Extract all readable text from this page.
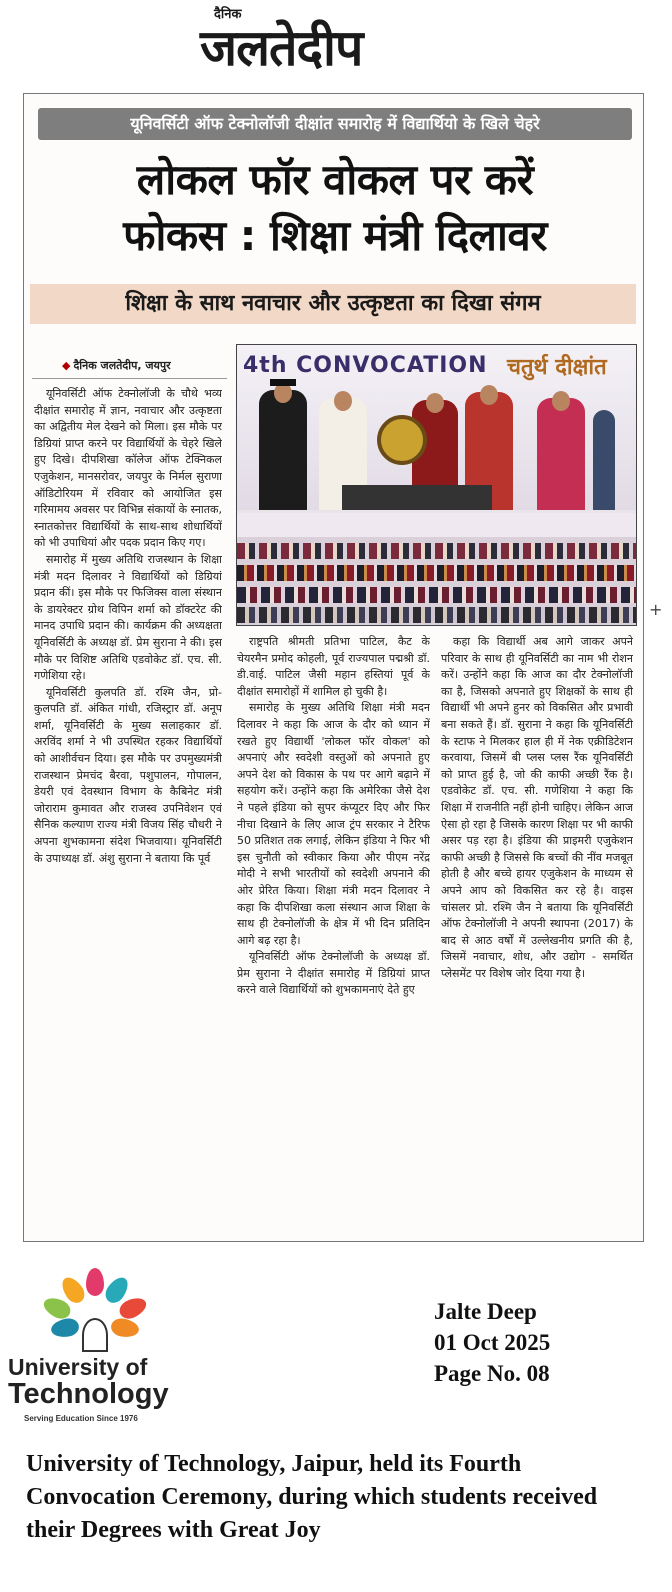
दैनिक
जलतेदीप
यूनिवर्सिटी ऑफ टेक्नोलॉजी दीक्षांत समारोह में विद्यार्थियो के खिले चेहरे
लोकल फॉर वोकल पर करें
फोकस : शिक्षा मंत्री दिलावर
शिक्षा के साथ नवाचार और उत्कृष्टता का दिखा संगम
◆ दैनिक जलतेदीप, जयपुर	4th CONVOCATION चतुर्थ दीक्षांत

यूनिवर्सिटी ऑफ टेक्नोलॉजी के चौथे भव्य दीक्षांत समारोह में ज्ञान, नवाचार और उत्कृष्टता का अद्वितीय मेल देखने को मिला। इस मौके पर डिग्रियां प्राप्त करने पर विद्यार्थियों के चेहरे खिले हुए दिखे। दीपशिखा कॉलेज ऑफ टेक्निकल एजुकेशन, मानसरोवर, जयपुर के निर्मल सुराणा ऑडिटोरियम में रविवार को आयोजित इस गरिमामय अवसर पर विभिन्न संकायों के स्नातक, स्नातकोत्तर विद्यार्थियों के साथ-साथ शोधार्थियों को भी उपाधियां और पदक प्रदान किए गए।

समारोह में मुख्य अतिथि राजस्थान के शिक्षा मंत्री मदन दिलावर ने विद्यार्थियों को डिग्रियां प्रदान कीं। इस मौके पर फिजिक्स वाला संस्थान के डायरेक्टर ग्रोथ विपिन शर्मा को डॉक्टरेट की मानद उपाधि प्रदान की। कार्यक्रम की अध्यक्षता यूनिवर्सिटी के अध्यक्ष डॉ. प्रेम सुराना ने की। इस मौके पर विशिष्ट अतिथि एडवोकेट डॉ. एच. सी. गणेशिया रहे।

यूनिवर्सिटी कुलपति डॉ. रश्मि जैन, प्रो-कुलपति डॉ. अंकित गांधी, रजिस्ट्रार डॉ. अनूप शर्मा, यूनिवर्सिटी के मुख्य सलाहकार डॉ. अरविंद शर्मा ने भी उपस्थित रहकर विद्यार्थियों को आशीर्वचन दिया। इस मौके पर उपमुख्यमंत्री राजस्थान प्रेमचंद बैरवा, पशुपालन, गोपालन, डेयरी एवं देवस्थान विभाग के कैबिनेट मंत्री जोराराम कुमावत और राजस्व उपनिवेशन एवं सैनिक कल्याण राज्य मंत्री विजय सिंह चौधरी ने अपना शुभकामना संदेश भिजवाया। यूनिवर्सिटी के उपाध्यक्ष डॉ. अंशु सुराना ने बताया कि पूर्व

राष्ट्रपति श्रीमती प्रतिभा पाटिल, कैट के चेयरमैन प्रमोद कोहली, पूर्व राज्यपाल पद्मश्री डॉ. डी.वाई. पाटिल जैसी महान हस्तियां पूर्व के दीक्षांत समारोहों में शामिल हो चुकी है।

समारोह के मुख्य अतिथि शिक्षा मंत्री मदन दिलावर ने कहा कि आज के दौर को ध्यान में रखते हुए विद्यार्थी 'लोकल फॉर वोकल' को अपनाएं और स्वदेशी वस्तुओं को अपनाते हुए अपने देश को विकास के पथ पर आगे बढ़ाने में सहयोग करें। उन्होंने कहा कि अमेरिका जैसे देश ने पहले इंडिया को सुपर कंप्यूटर दिए और फिर नीचा दिखाने के लिए आज ट्रंप सरकार ने टैरिफ 50 प्रतिशत तक लगाई, लेकिन इंडिया ने फिर भी इस चुनौती को स्वीकार किया और पीएम नरेंद्र मोदी ने सभी भारतीयों को स्वदेशी अपनाने की ओर प्रेरित किया। शिक्षा मंत्री मदन दिलावर ने कहा कि दीपशिखा कला संस्थान आज शिक्षा के साथ ही टेक्नोलॉजी के क्षेत्र में भी दिन प्रतिदिन आगे बढ़ रहा है।

यूनिवर्सिटी ऑफ टेक्नोलॉजी के अध्यक्ष डॉ. प्रेम सुराना ने दीक्षांत समारोह में डिग्रियां प्राप्त करने वाले विद्यार्थियों को शुभकामनाएं देते हुए

कहा कि विद्यार्थी अब आगे जाकर अपने परिवार के साथ ही यूनिवर्सिटी का नाम भी रोशन करें। उन्होंने कहा कि आज का दौर टेक्नोलॉजी का है, जिसको अपनाते हुए शिक्षकों के साथ ही विद्यार्थी भी अपने हुनर को विकसित और प्रभावी बना सकते हैं। डॉ. सुराना ने कहा कि यूनिवर्सिटी के स्टाफ ने मिलकर हाल ही में नेक एक्रीडिटेशन करवाया, जिसमें बी प्लस प्लस रैंक यूनिवर्सिटी को प्राप्त हुई है, जो की काफी अच्छी रैंक है। एडवोकेट डॉ. एच. सी. गणेशिया ने कहा कि शिक्षा में राजनीति नहीं होनी चाहिए। लेकिन आज ऐसा हो रहा है जिसके कारण शिक्षा पर भी काफी असर पड़ रहा है। इंडिया की प्राइमरी एजुकेशन काफी अच्छी है जिससे कि बच्चों की नींव मजबूत होती है और बच्चे हायर एजुकेशन के माध्यम से अपने आप को विकसित कर रहे है। वाइस चांसलर प्रो. रश्मि जैन ने बताया कि यूनिवर्सिटी ऑफ टेक्नोलॉजी ने अपनी स्थापना (2017) के बाद से आठ वर्षों में उल्लेखनीय प्रगति की है, जिसमें नवाचार, शोध, और उद्योग - समर्थित प्लेसमेंट पर विशेष जोर दिया गया है।

+
University of
Technology
Serving Education Since 1976
Jalte Deep
01 Oct 2025
Page No. 08
University of Technology, Jaipur, held its Fourth Convocation Ceremony, during which students received their Degrees with Great Joy
